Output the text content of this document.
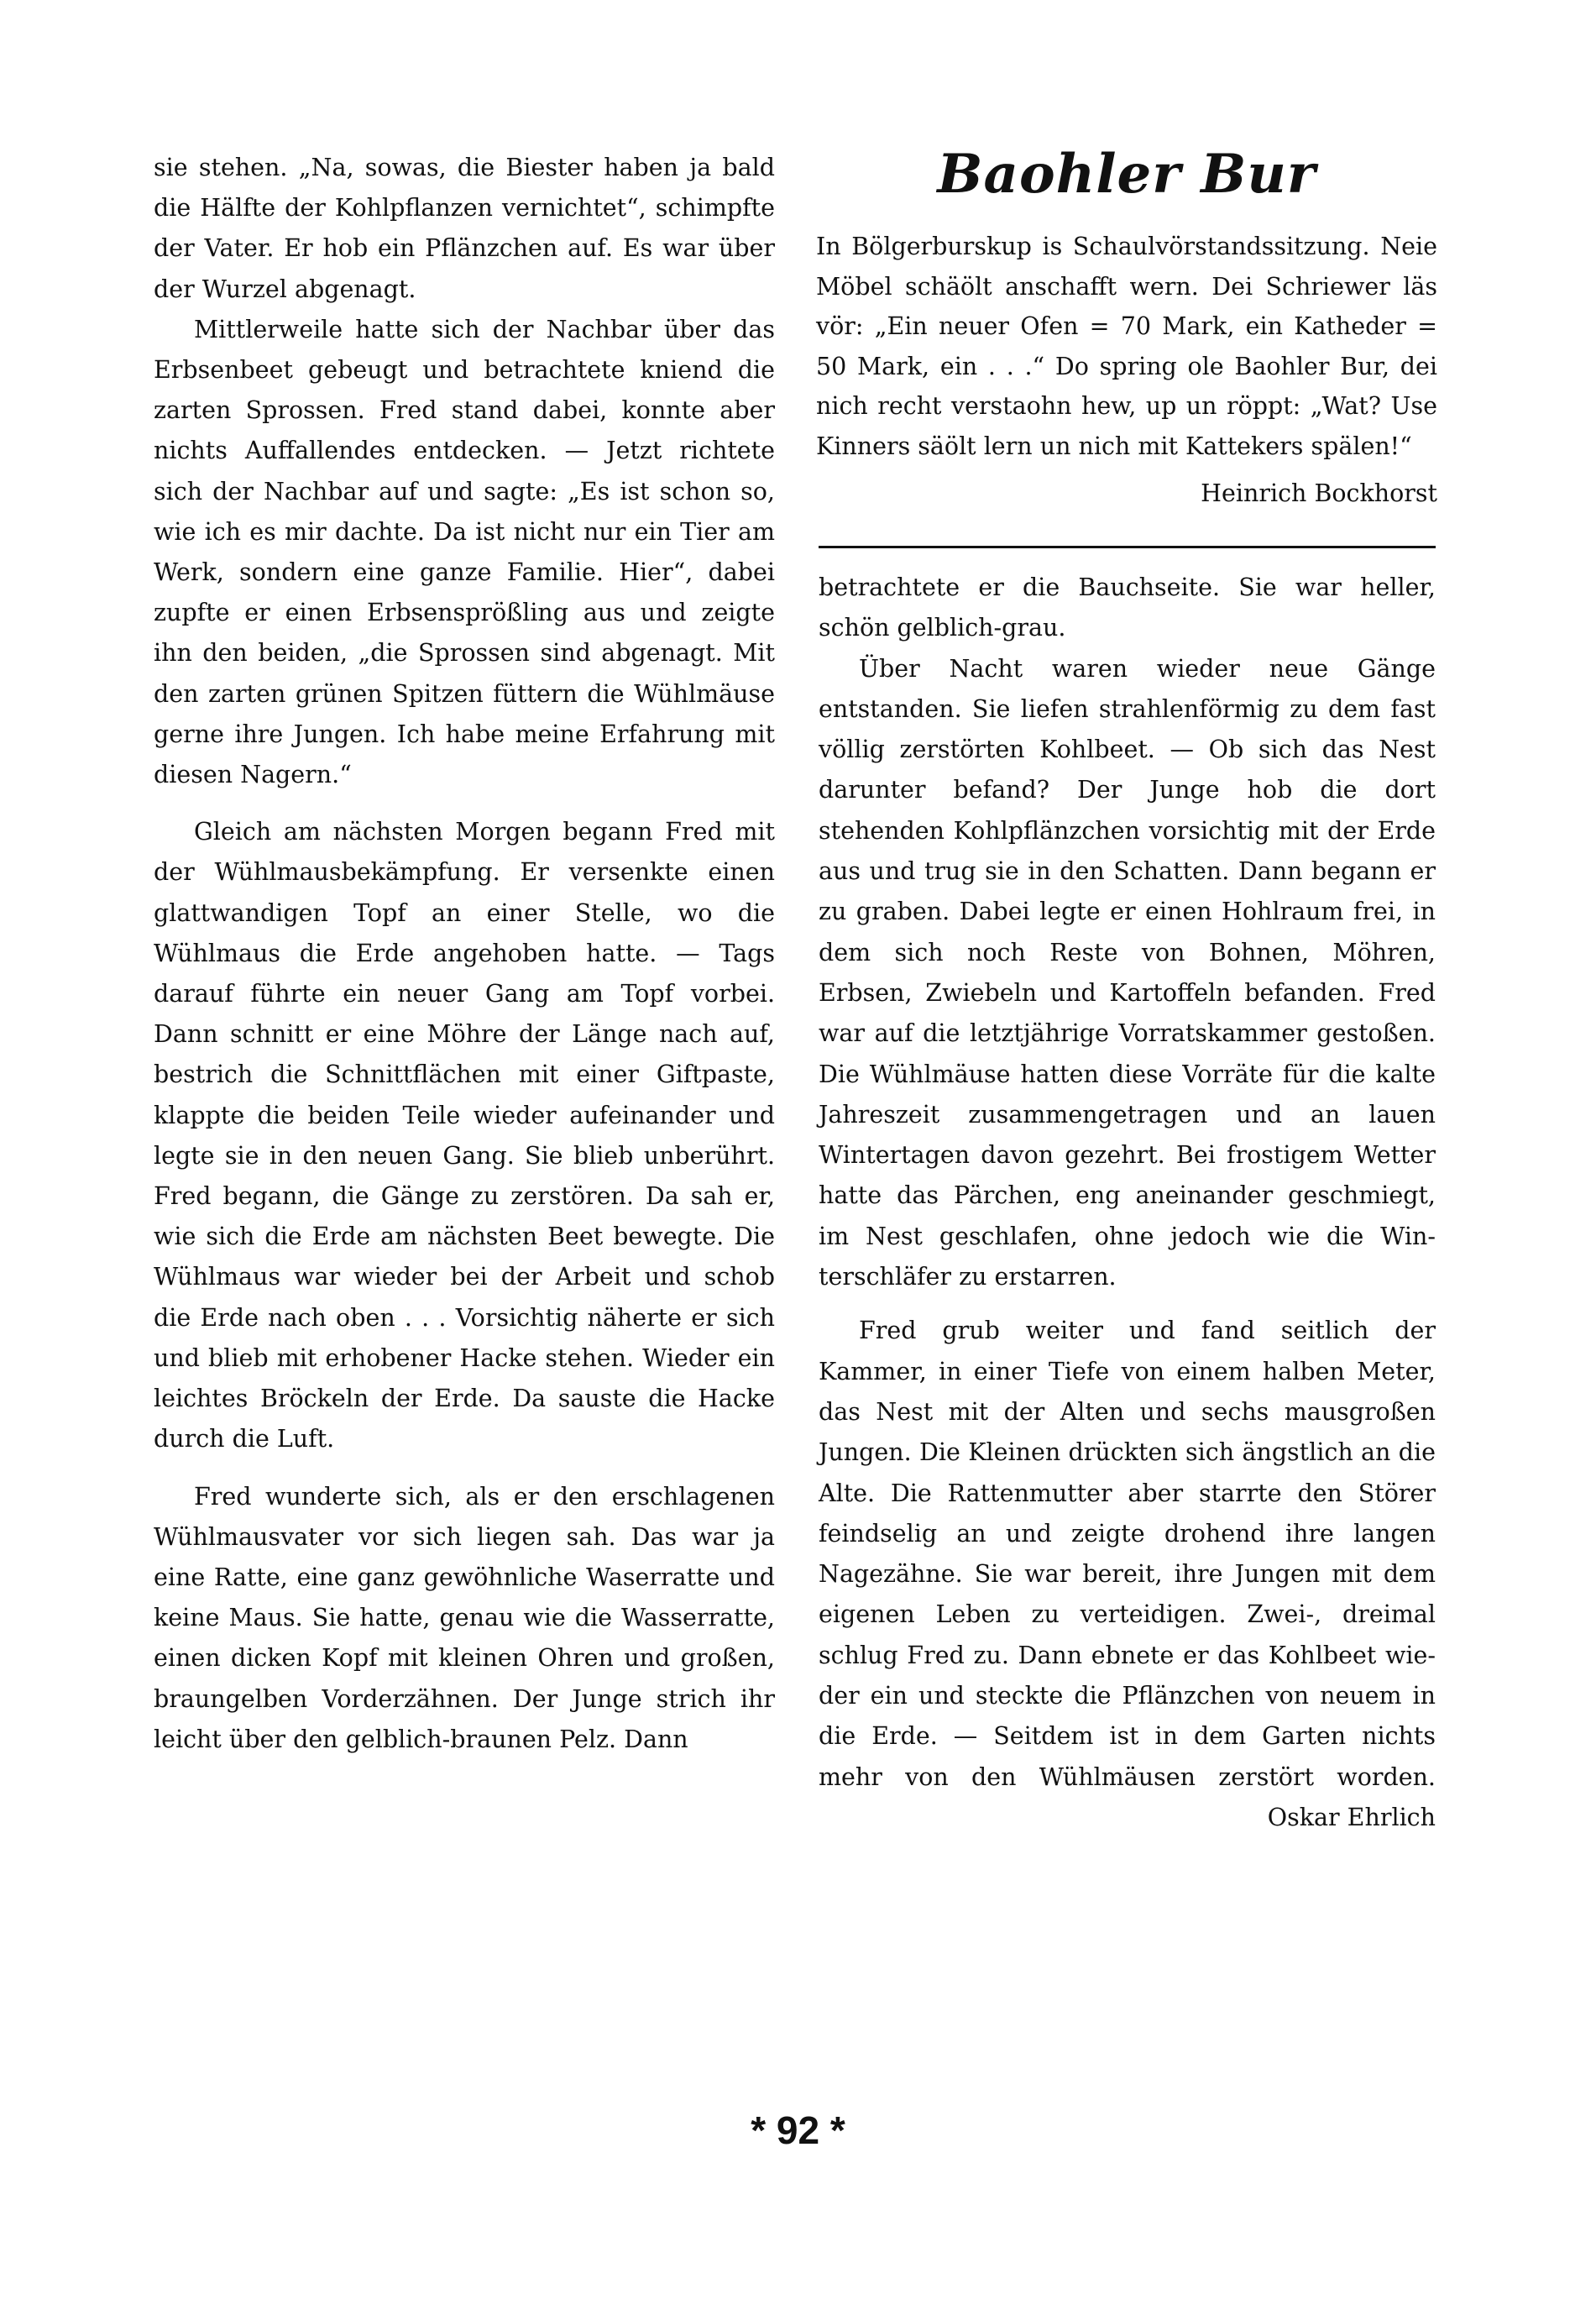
sie stehen. „Na, sowas, die Biester haben ja bald die Hälfte der Kohlpflanzen vernichtet“, schimpfte der Vater. Er hob ein Pflänzchen auf. Es war über der Wurzel abgenagt.

Mittlerweile hatte sich der Nachbar über das Erbsenbeet gebeugt und betrachtete kniend die zarten Sprossen. Fred stand dabei, konnte aber nichts Auffallendes entdecken. — Jetzt richtete sich der Nachbar auf und sagte: „Es ist schon so, wie ich es mir dachte. Da ist nicht nur ein Tier am Werk, sondern eine ganze Familie. Hier“, dabei zupfte er einen Erbsensprößling aus und zeigte ihn den beiden, „die Sprossen sind abgenagt. Mit den zarten grünen Spitzen füttern die Wühlmäuse gerne ihre Jungen. Ich habe meine Erfahrung mit diesen Nagern.“

Gleich am nächsten Morgen begann Fred mit der Wühlmausbekämpfung. Er versenkte einen glattwandigen Topf an einer Stelle, wo die Wühlmaus die Erde angehoben hatte. — Tags darauf führte ein neuer Gang am Topf vorbei. Dann schnitt er eine Möhre der Länge nach auf, bestrich die Schnittflächen mit einer Giftpaste, klappte die beiden Teile wieder aufeinander und legte sie in den neuen Gang. Sie blieb unberührt. Fred begann, die Gänge zu zerstören. Da sah er, wie sich die Erde am nächsten Beet bewegte. Die Wühlmaus war wieder bei der Arbeit und schob die Erde nach oben . . . Vorsichtig näherte er sich und blieb mit erhobener Hacke stehen. Wieder ein leichtes Bröckeln der Erde. Da sauste die Hacke durch die Luft.

Fred wunderte sich, als er den erschlagenen Wühlmausvater vor sich liegen sah. Das war ja eine Ratte, eine ganz gewöhnliche Waserratte und keine Maus. Sie hatte, genau wie die Wasserratte, einen dicken Kopf mit kleinen Ohren und großen, braungelben Vorderzähnen. Der Junge strich ihr leicht über den gelblich-braunen Pelz. Dann

Baohler Bur

In Bölgerburskup is Schaulvörstandssitzung. Neie Möbel schäölt anschafft wern. Dei Schriewer läs vör: „Ein neuer Ofen = 70 Mark, ein Katheder = 50 Mark, ein . . .“ Do spring ole Baohler Bur, dei nich recht verstaohn hew, up un röppt: „Wat? Use Kinners säölt lern un nich mit Kattekers spälen!“

Heinrich Bockhorst

betrachtete er die Bauchseite. Sie war heller, schön gelblich-grau.

Über Nacht waren wieder neue Gänge entstanden. Sie liefen strahlenförmig zu dem fast völlig zerstörten Kohlbeet. — Ob sich das Nest darunter befand? Der Junge hob die dort stehenden Kohlpflänzchen vorsichtig mit der Erde aus und trug sie in den Schatten. Dann begann er zu graben. Dabei legte er einen Hohlraum frei, in dem sich noch Reste von Bohnen, Möhren, Erbsen, Zwiebeln und Kartoffeln befanden. Fred war auf die letztjährige Vorratskammer gestoßen. Die Wühlmäuse hatten diese Vorräte für die kalte Jahreszeit zusammengetragen und an lauen Wintertagen davon gezehrt. Bei frostigem Wetter hatte das Pärchen, eng aneinander geschmiegt, im Nest geschlafen, ohne jedoch wie die Winterschläfer zu erstarren.

Fred grub weiter und fand seitlich der Kammer, in einer Tiefe von einem halben Meter, das Nest mit der Alten und sechs mausgroßen Jungen. Die Kleinen drückten sich ängstlich an die Alte. Die Rattenmutter aber starrte den Störer feindselig an und zeigte drohend ihre langen Nagezähne. Sie war bereit, ihre Jungen mit dem eigenen Leben zu verteidigen. Zwei-, dreimal schlug Fred zu. Dann ebnete er das Kohlbeet wieder ein und steckte die Pflänzchen von neuem in die Erde. — Seitdem ist in dem Garten nichts mehr von den Wühlmäusen zerstört worden.
Oskar Ehrlich

* 92 *
